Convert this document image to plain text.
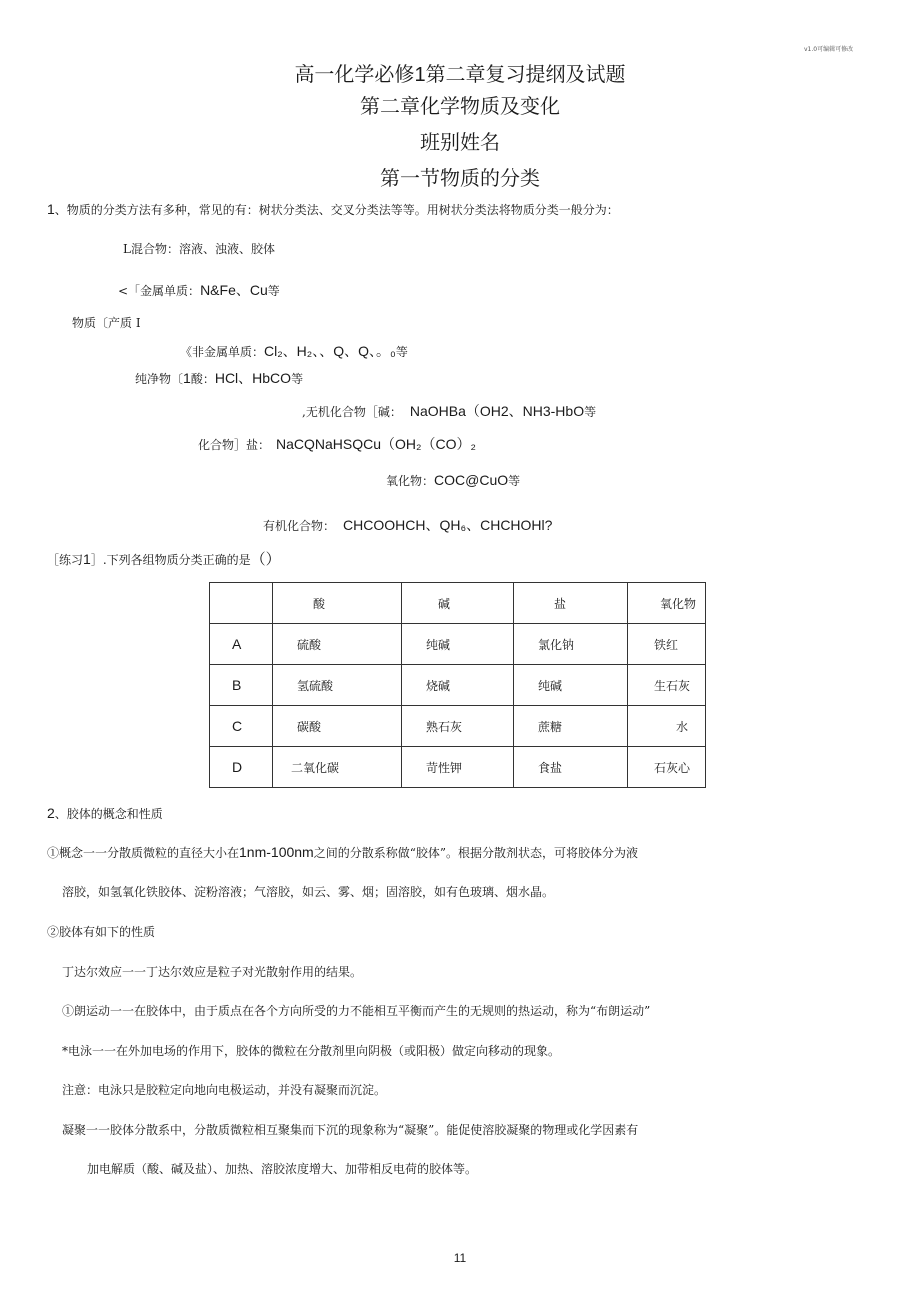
v1.0可编辑可修改
高一化学必修1第二章复习提纲及试题
第二章化学物质及变化
班别姓名
第一节物质的分类
1、物质的分类方法有多种，常见的有：树状分类法、交叉分类法等等。用树状分类法将物质分类一般分为：
L混合物：溶液、浊液、胶体
<「金属单质：N&Fe、Cu等
物质〔产质 I
《非金属单质：Cl₂、H₂、、Q、Q、。₀等
纯净物〔1酸：HCl、HbCO等
,无机化合物［碱： NaOHBa（OH2、NH3-HbO等
化合物］盐： NaCQNaHSQCu（OH₂（CO）₂
氧化物：COC@CuO等
有机化合物： CHCOOHCH、QH₆、CHCHOHl?
［练习1］.下列各组物质分类正确的是（）
	酸	碱	盐	氧化物
A	硫酸	纯碱	氯化钠	铁红
B	氢硫酸	烧碱	纯碱	生石灰
C	碳酸	熟石灰	蔗糖	水
D	二氧化碳	苛性钾	食盐	石灰心
2、胶体的概念和性质
①概念一一分散质微粒的直径大小在1nm-100nm之间的分散系称做“胶体”。根据分散剂状态，可将胶体分为液
溶胶，如氢氧化铁胶体、淀粉溶液；气溶胶，如云、雾、烟；固溶胶，如有色玻璃、烟水晶。
②胶体有如下的性质
丁达尔效应一一丁达尔效应是粒子对光散射作用的结果。
①朗运动一一在胶体中，由于质点在各个方向所受的力不能相互平衡而产生的无规则的热运动，称为“布朗运动”
*电泳一一在外加电场的作用下，胶体的微粒在分散剂里向阴极（或阳极）做定向移动的现象。
注意：电泳只是胶粒定向地向电极运动，并没有凝聚而沉淀。
凝聚一一胶体分散系中，分散质微粒相互聚集而下沉的现象称为“凝聚”。能促使溶胶凝聚的物理或化学因素有
加电解质（酸、碱及盐）、加热、溶胶浓度增大、加带相反电荷的胶体等。
11
